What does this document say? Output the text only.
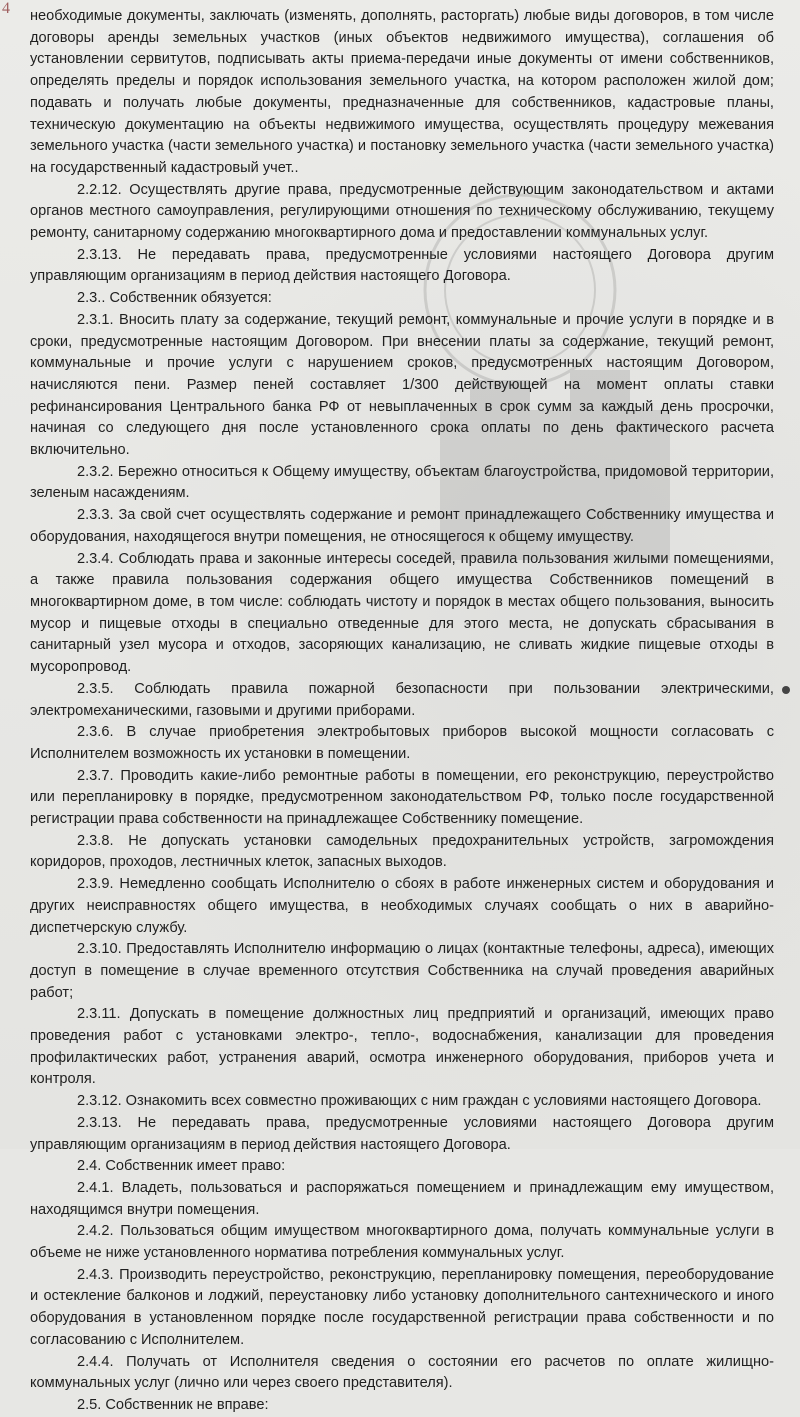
4 необходимые документы, заключать (изменять, дополнять, расторгать) любые виды договоров, в том числе договоры аренды земельных участков (иных объектов недвижимого имущества), соглашения об установлении сервитутов, подписывать акты приема-передачи иные документы от имени собственников, определять пределы и порядок использования земельного участка, на котором расположен жилой дом; подавать и получать любые документы, предназначенные для собственников, кадастровые планы, техническую документацию на объекты недвижимого имущества, осуществлять процедуру межевания земельного участка (части земельного участка) и постановку земельного участка (части земельного участка) на государственный кадастровый учет..

2.2.12. Осуществлять другие права, предусмотренные действующим законодательством и актами органов местного самоуправления, регулирующими отношения по техническому обслуживанию, текущему ремонту, санитарному содержанию многоквартирного дома и предоставлении коммунальных услуг.

2.3.13. Не передавать права, предусмотренные условиями настоящего Договора другим управляющим организациям в период действия настоящего Договора.

2.3.. Собственник обязуется:

2.3.1. Вносить плату за содержание, текущий ремонт, коммунальные и прочие услуги в порядке и в сроки, предусмотренные настоящим Договором. При внесении платы за содержание, текущий ремонт, коммунальные и прочие услуги с нарушением сроков, предусмотренных настоящим Договором, начисляются пени. Размер пеней составляет 1/300 действующей на момент оплаты ставки рефинансирования Центрального банка РФ от невыплаченных в срок сумм за каждый день просрочки, начиная со следующего дня после установленного срока оплаты по день фактического расчета включительно.

2.3.2. Бережно относиться к Общему имуществу, объектам благоустройства, придомовой территории, зеленым насаждениям.

2.3.3. За свой счет осуществлять содержание и ремонт принадлежащего Собственнику имущества и оборудования, находящегося внутри помещения, не относящегося к общему имуществу.

2.3.4. Соблюдать права и законные интересы соседей, правила пользования жилыми помещениями, а также правила пользования содержания общего имущества Собственников помещений в многоквартирном доме, в том числе: соблюдать чистоту и порядок в местах общего пользования, выносить мусор и пищевые отходы в специально отведенные для этого места, не допускать сбрасывания в санитарный узел мусора и отходов, засоряющих канализацию, не сливать жидкие пищевые отходы в мусоропровод.

2.3.5. Соблюдать правила пожарной безопасности при пользовании электрическими, электромеханическими, газовыми и другими приборами.

2.3.6. В случае приобретения электробытовых приборов высокой мощности согласовать с Исполнителем возможность их установки в помещении.

2.3.7. Проводить какие-либо ремонтные работы в помещении, его реконструкцию, переустройство или перепланировку в порядке, предусмотренном законодательством РФ, только после государственной регистрации права собственности на принадлежащее Собственнику помещение.

2.3.8. Не допускать установки самодельных предохранительных устройств, загромождения коридоров, проходов, лестничных клеток, запасных выходов.

2.3.9. Немедленно сообщать Исполнителю о сбоях в работе инженерных систем и оборудования и других неисправностях общего имущества, в необходимых случаях сообщать о них в аварийно-диспетчерскую службу.

2.3.10. Предоставлять Исполнителю информацию о лицах (контактные телефоны, адреса), имеющих доступ в помещение в случае временного отсутствия Собственника на случай проведения аварийных работ;

2.3.11. Допускать в помещение должностных лиц предприятий и организаций, имеющих право проведения работ с установками электро-, тепло-, водоснабжения, канализации для проведения профилактических работ, устранения аварий, осмотра инженерного оборудования, приборов учета и контроля.

2.3.12. Ознакомить всех совместно проживающих с ним граждан с условиями настоящего Договора.

2.3.13. Не передавать права, предусмотренные условиями настоящего Договора другим управляющим организациям в период действия настоящего Договора.

2.4. Собственник имеет право:

2.4.1. Владеть, пользоваться и распоряжаться помещением и принадлежащим ему имуществом, находящимся внутри помещения.

2.4.2. Пользоваться общим имуществом многоквартирного дома, получать коммунальные услуги в объеме не ниже установленного норматива потребления коммунальных услуг.

2.4.3. Производить переустройство, реконструкцию, перепланировку помещения, переоборудование и остекление балконов и лоджий, переустановку либо установку дополнительного сантехнического и иного оборудования в установленном порядке после государственной регистрации права собственности и по согласованию с Исполнителем.

2.4.4. Получать от Исполнителя сведения о состоянии его расчетов по оплате жилищно-коммунальных услуг (лично или через своего представителя).

2.5. Собственник не вправе:
